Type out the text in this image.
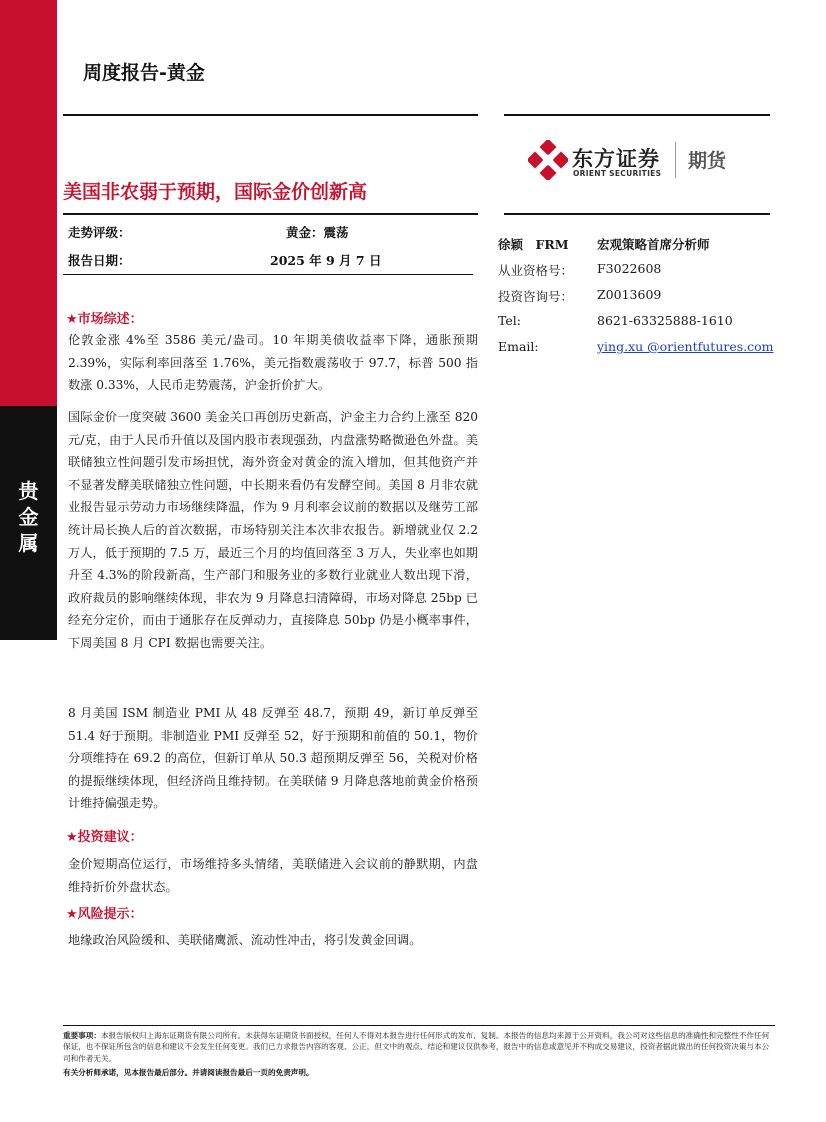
贵
金
属
周度报告-黄金
东方证券
ORIENT SECURITIES
期货
美国非农弱于预期，国际金价创新高
走势评级：	黄金：震荡
报告日期：	2025 年 9 月 7 日
徐颖　FRM 宏观策略首席分析师
从业资格号： F3022608
投资咨询号： Z0013609
Tel:	8621-63325888-1610
Email:	ying.xu @orientfutures.com
★市场综述：
伦敦金涨 4%至 3586 美元/盎司。10 年期美债收益率下降，通胀预期 2.39%，实际利率回落至 1.76%，美元指数震荡收于 97.7，标普 500 指数涨 0.33%，人民币走势震荡，沪金折价扩大。
国际金价一度突破 3600 美金关口再创历史新高，沪金主力合约上涨至 820 元/克，由于人民币升值以及国内股市表现强劲，内盘涨势略微逊色外盘。美联储独立性问题引发市场担忧，海外资金对黄金的流入增加，但其他资产并不显著发酵美联储独立性问题，中长期来看仍有发酵空间。美国 8 月非农就业报告显示劳动力市场继续降温，作为 9 月利率会议前的数据以及继劳工部统计局长换人后的首次数据，市场特别关注本次非农报告。新增就业仅 2.2 万人，低于预期的 7.5 万，最近三个月的均值回落至 3 万人，失业率也如期升至 4.3%的阶段新高，生产部门和服务业的多数行业就业人数出现下滑，政府裁员的影响继续体现，非农为 9 月降息扫清障碍，市场对降息 25bp 已经充分定价，而由于通胀存在反弹动力，直接降息 50bp 仍是小概率事件，下周美国 8 月 CPI 数据也需要关注。
8 月美国 ISM 制造业 PMI 从 48 反弹至 48.7，预期 49，新订单反弹至 51.4 好于预期。非制造业 PMI 反弹至 52，好于预期和前值的 50.1，物价分项维持在 69.2 的高位，但新订单从 50.3 超预期反弹至 56，关税对价格的提振继续体现，但经济尚且维持韧。在美联储 9 月降息落地前黄金价格预计维持偏强走势。
★投资建议：
金价短期高位运行，市场维持多头情绪，美联储进入会议前的静默期，内盘维持折价外盘状态。
★风险提示：
地缘政治风险缓和、美联储鹰派、流动性冲击，将引发黄金回调。
重要事项：本报告版权归上海东证期货有限公司所有。未获得东证期货书面授权，任何人不得对本报告进行任何形式的发布、复制。本报告的信息均来源于公开资料，我公司对这些信息的准确性和完整性不作任何保证，也不保证所包含的信息和建议不会发生任何变更。我们已力求报告内容的客观、公正，但文中的观点、结论和建议仅供参考，报告中的信息或意见并不构成交易建议，投资者据此做出的任何投资决策与本公司和作者无关。
有关分析师承诺，见本报告最后部分。并请阅读报告最后一页的免责声明。
